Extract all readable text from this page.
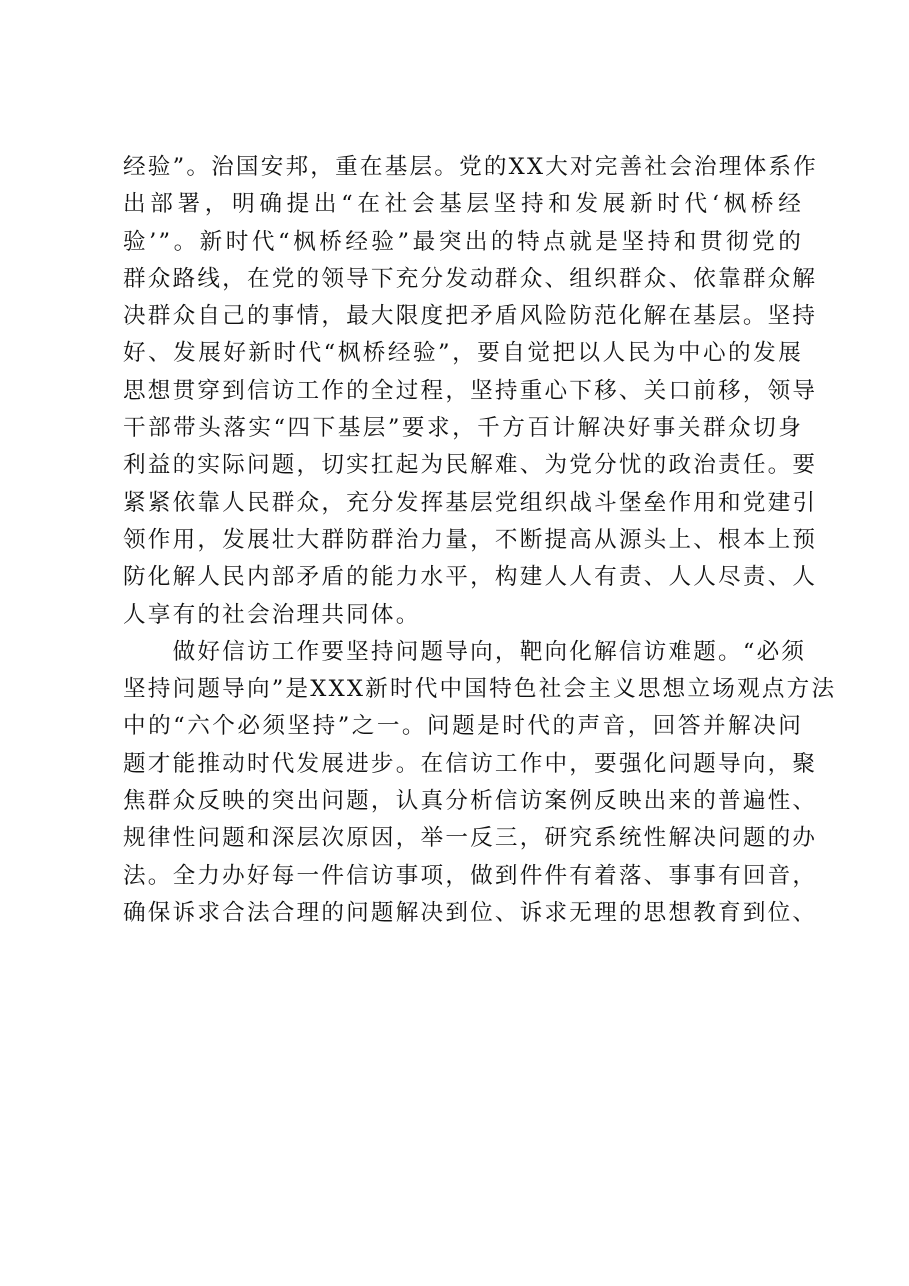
经验”。治国安邦，重在基层。党的XX大对完善社会治理体系作
出部署，明确提出“在社会基层坚持和发展新时代‘枫桥经
验’”。新时代“枫桥经验”最突出的特点就是坚持和贯彻党的
群众路线，在党的领导下充分发动群众、组织群众、依靠群众解
决群众自己的事情，最大限度把矛盾风险防范化解在基层。坚持
好、发展好新时代“枫桥经验”，要自觉把以人民为中心的发展
思想贯穿到信访工作的全过程，坚持重心下移、关口前移，领导
干部带头落实“四下基层”要求，千方百计解决好事关群众切身
利益的实际问题，切实扛起为民解难、为党分忧的政治责任。要
紧紧依靠人民群众，充分发挥基层党组织战斗堡垒作用和党建引
领作用，发展壮大群防群治力量，不断提高从源头上、根本上预
防化解人民内部矛盾的能力水平，构建人人有责、人人尽责、人
人享有的社会治理共同体。
　　做好信访工作要坚持问题导向，靶向化解信访难题。“必须
坚持问题导向”是XXX新时代中国特色社会主义思想立场观点方法
中的“六个必须坚持”之一。问题是时代的声音，回答并解决问
题才能推动时代发展进步。在信访工作中，要强化问题导向，聚
焦群众反映的突出问题，认真分析信访案例反映出来的普遍性、
规律性问题和深层次原因，举一反三，研究系统性解决问题的办
法。全力办好每一件信访事项，做到件件有着落、事事有回音，
确保诉求合法合理的问题解决到位、诉求无理的思想教育到位、
